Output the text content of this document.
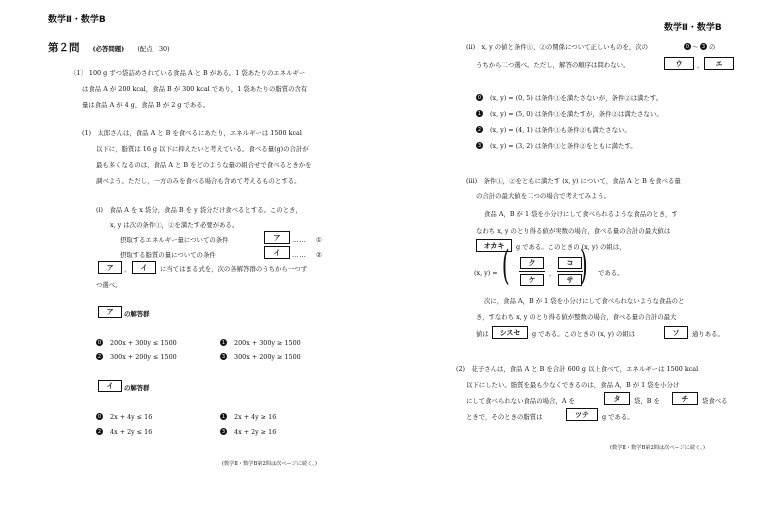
数学Ⅱ・数学B
第２問 (必答問題) (配点　30)
〔1〕 100 g ずつ袋詰めされている食品 A と B がある。1 袋あたりのエネルギー
は食品 A が 200 kcal，食品 B が 300 kcal であり，1 袋あたりの脂質の含有
量は食品 A が 4 g，食品 B が 2 g である。
(1)　太郎さんは，食品 A と B を食べるにあたり，エネルギーは 1500 kcal
以下に，脂質は 16 g 以下に抑えたいと考えている。食べる量(g)の合計が
最も多くなるのは，食品 A と B をどのような量の組合せで食べるときかを
調べよう。ただし，一方のみを食べる場合も含めて考えるものとする。
(i)　食品 A を x 袋分，食品 B を y 袋分だけ食べるとする。このとき，
x, y は次の条件①，②を満たす必要がある。
摂取するエネルギー量についての条件	ア	…… ①
摂取する脂質の量についての条件	イ	…… ②
ア	，	イ	に当てはまる式を，次の各解答群のうちから一つず
つ選べ。
ア	の解答群
0 200x + 300y ≤ 1500	1 200x + 300y ≥ 1500
2 300x + 200y ≤ 1500	3 300x + 200y ≥ 1500
イ	の解答群
0 2x + 4y ≤ 16	1 2x + 4y ≥ 16
2 4x + 2y ≤ 16	3 4x + 2y ≥ 16
(数学Ⅱ・数学B第2問は次ページに続く。)
数学Ⅱ・数学B
(ii)　x, y の値と条件①，②の関係について正しいものを，次の	0 ～ 3 の
うちから二つ選べ。ただし，解答の順序は問わない。	ウ	，	エ
0 (x, y) = (0, 5) は条件①を満たさないが，条件②は満たす。
1 (x, y) = (5, 0) は条件①を満たすが，条件②は満たさない。
2 (x, y) = (4, 1) は条件①も条件②も満たさない。
3 (x, y) = (3, 2) は条件①と条件②をともに満たす。
(iii)　条件①，②をともに満たす (x, y) について，食品 A と B を食べる量
の合計の最大値を二つの場合で考えてみよう。
食品 A，B が 1 袋を小分けにして食べられるような食品のとき，す
なわち x, y のとり得る値が実数の場合，食べる量の合計の最大値は
オカキ	g である。このときの (x, y) の組は，
(x, y) = (	ク
ケ
，
コ
サ ) である。
次に，食品 A，B が 1 袋を小分けにして食べられないような食品のと
き，すなわち x, y のとり得る値が整数の場合，食べる量の合計の最大
値は	シスセ	g である。このときの (x, y) の組は	ソ	通りある。
(2)　花子さんは，食品 A と B を合計 600 g 以上食べて，エネルギーは 1500 kcal
以下にしたい。脂質を最も少なくできるのは，食品 A，B が 1 袋を小分け
にして食べられない食品の場合，A を	タ	袋，B を	チ	袋食べる
ときで，そのときの脂質は	ツテ	g である。
(数学Ⅱ・数学B第2問は次ページに続く。)
